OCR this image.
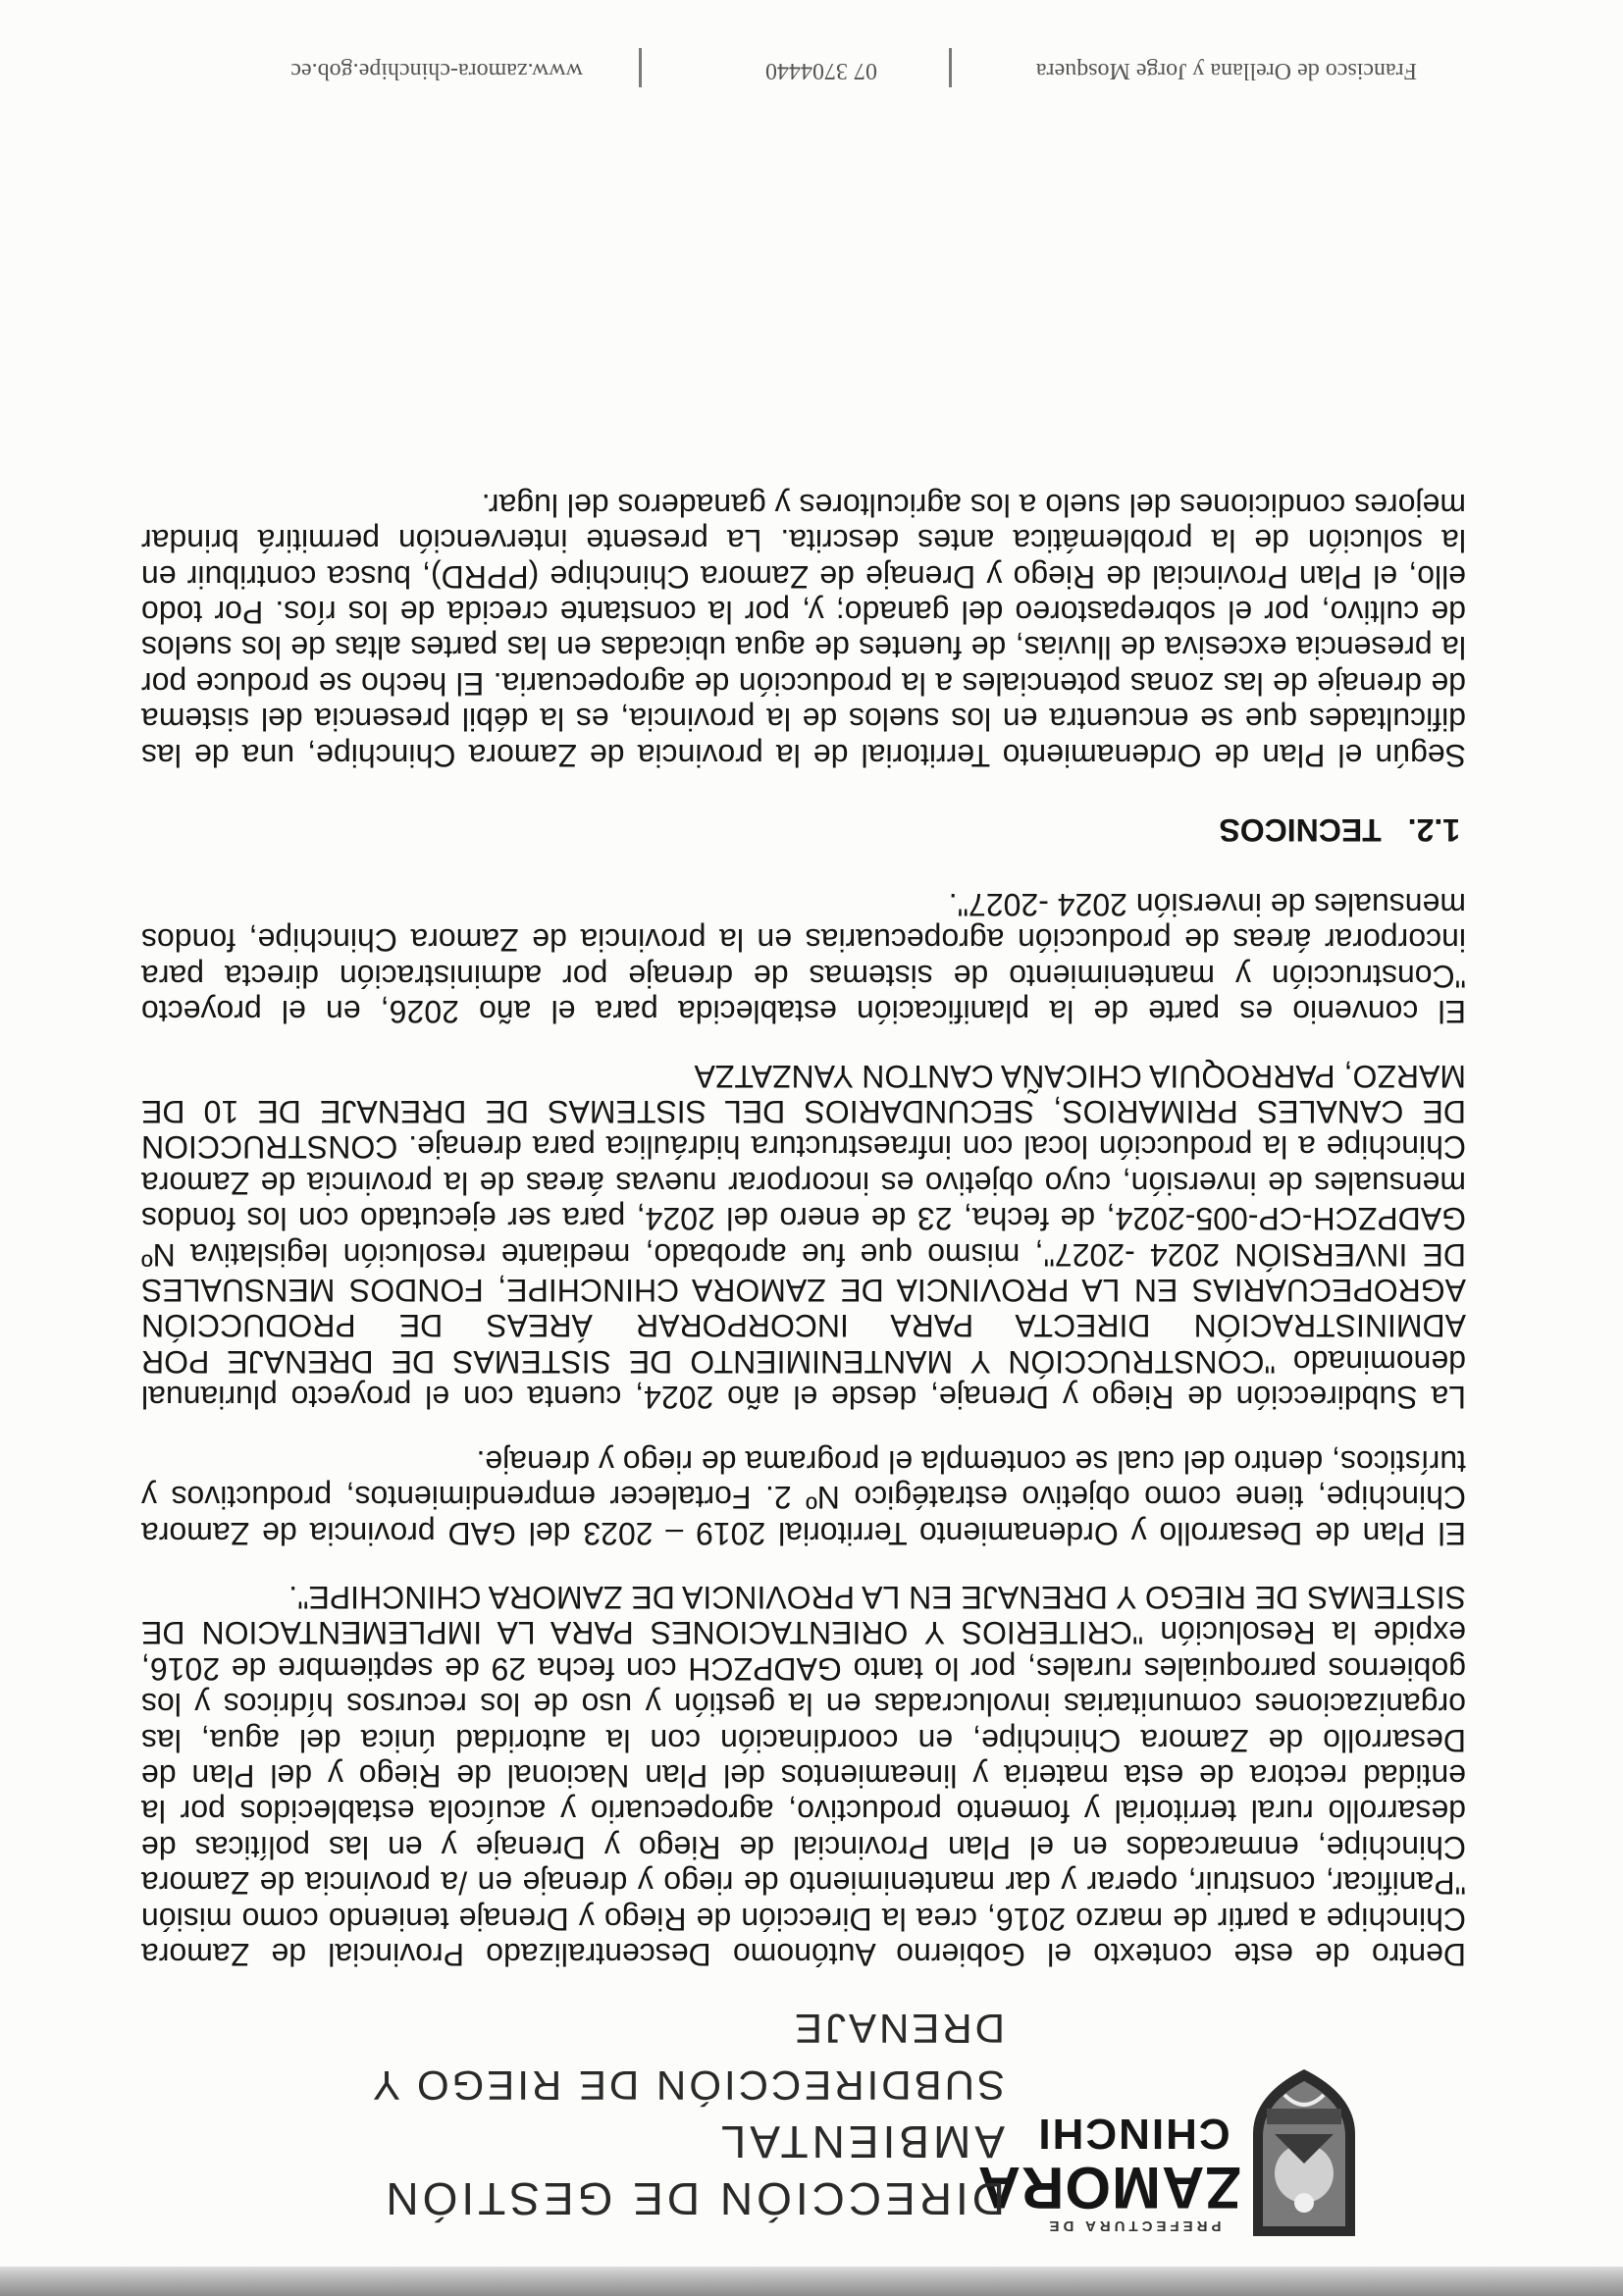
PREFECTURA DE
ZAMORA
CHINCHI
DIRECCIÓN DE GESTIÓN AMBIENTAL
SUBDIRECCIÓN DE RIEGO Y DRENAJE

Dentro de este contexto el Gobierno Autónomo Descentralizado Provincial de Zamora Chinchipe a partir de marzo 2016, crea la Dirección de Riego y Drenaje teniendo como misión "Panificar, construir, operar y dar mantenimiento de riego y drenaje en /a provincia de Zamora Chinchipe, enmarcados en el Plan Provincial de Riego y Drenaje y en las políticas de desarrollo rural territorial y fomento productivo, agropecuario y acuícola establecidos por la entidad rectora de esta materia y lineamientos del Plan Nacional de Riego y del Plan de Desarrollo de Zamora Chinchipe, en coordinación con la autoridad única del agua, las organizaciones comunitarias involucradas en la gestión y uso de los recursos hídricos y los gobiernos parroquiales rurales, por lo tanto GADPZCH con fecha 29 de septiembre de 2016, expide la Resolución "CRITERIOS Y ORIENTACIONES PARA LA IMPLEMENTACION DE SISTEMAS DE RIEGO Y DRENAJE EN LA PROVINCIA DE ZAMORA CHINCHIPE".

El Plan de Desarrollo y Ordenamiento Territorial 2019 – 2023 del GAD provincia de Zamora Chinchipe, tiene como objetivo estratégico Nº 2. Fortalecer emprendimientos, productivos y turísticos, dentro del cual se contempla el programa de riego y drenaje.

La Subdirección de Riego y Drenaje, desde el año 2024, cuenta con el proyecto plurianual denominado "CONSTRUCCIÓN Y MANTENIMIENTO DE SISTEMAS DE DRENAJE POR ADMINISTRACIÓN DIRECTA PARA INCORPORAR ÁREAS DE PRODUCCIÓN AGROPECUARIAS EN LA PROVINCIA DE ZAMORA CHINCHIPE, FONDOS MENSUALES DE INVERSIÓN 2024 -2027", mismo que fue aprobado, mediante resolución legislativa Nº GADPZCH-CP-005-2024, de fecha, 23 de enero del 2024, para ser ejecutado con los fondos mensuales de inversión, cuyo objetivo es incorporar nuevas áreas de la provincia de Zamora Chinchipe a la producción local con infraestructura hidráulica para drenaje. CONSTRUCCION DE CANALES PRIMARIOS, SECUNDARIOS DEL SISTEMAS DE DRENAJE DE 10 DE MARZO, PARROQUIA CHICAÑA CANTON YANZATZA

El convenio es parte de la planificación establecida para el año 2026, en el proyecto "Construcción y mantenimiento de sistemas de drenaje por administración directa para incorporar áreas de producción agropecuarias en la provincia de Zamora Chinchipe, fondos mensuales de inversión 2024 -2027".

1.2. TECNICOS

Según el Plan de Ordenamiento Territorial de la provincia de Zamora Chinchipe, una de las dificultades que se encuentra en los suelos de la provincia, es la débil presencia del sistema de drenaje de las zonas potenciales a la producción de agropecuaria. El hecho se produce por la presencia excesiva de lluvias, de fuentes de agua ubicadas en las partes altas de los suelos de cultivo, por el sobrepastoreo del ganado; y, por la constante crecida de los ríos. Por todo ello, el Plan Provincial de Riego y Drenaje de Zamora Chinchipe (PPRD), busca contribuir en la solución de la problemática antes descrita. La presente intervención permitirá brindar mejores condiciones del suelo a los agricultores y ganaderos del lugar.

Francisco de Orellana y Jorge Mosquera
07 3704440
www.zamora-chinchipe.gob.ec
